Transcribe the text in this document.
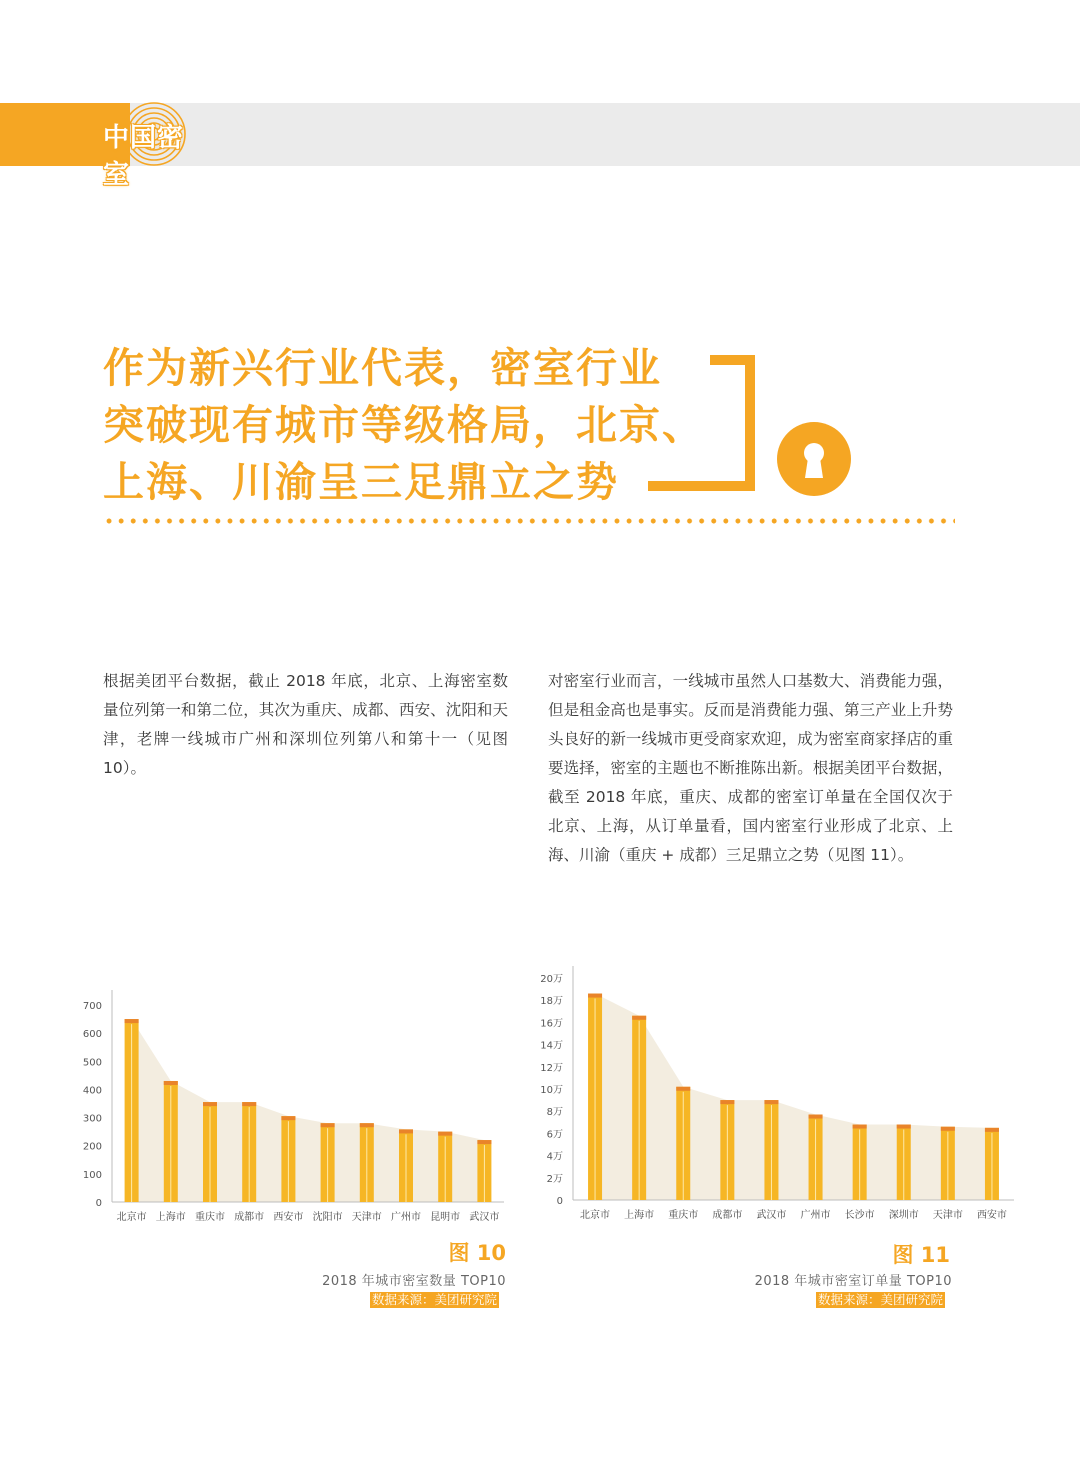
中国密室
作为新兴行业代表，密室行业
突破现有城市等级格局，北京、
上海、川渝呈三足鼎立之势

根据美团平台数据，截止 2018 年底，北京、上海密室数量位列第一和第二位，其次为重庆、成都、西安、沈阳和天津，老牌一线城市广州和深圳位列第八和第十一（见图 10）。

对密室行业而言，一线城市虽然人口基数大、消费能力强，但是租金高也是事实。反而是消费能力强、第三产业上升势头良好的新一线城市更受商家欢迎，成为密室商家择店的重要选择，密室的主题也不断推陈出新。根据美团平台数据，截至 2018 年底，重庆、成都的密室订单量在全国仅次于北京、上海，从订单量看，国内密室行业形成了北京、上海、川渝（重庆 + 成都）三足鼎立之势（见图 11）。

0
100
200
300
400
500
600
700
北京市 上海市 重庆市 成都市 西安市 沈阳市 天津市 广州市 昆明市 武汉市
0
2万
4万
6万
8万
10万
12万
14万
16万
18万
20万
北京市 上海市 重庆市 成都市 武汉市 广州市 长沙市 深圳市 天津市 西安市

图 10

2018 年城市密室数量 TOP10

数据来源：美团研究院

图 11

2018 年城市密室订单量 TOP10

数据来源：美团研究院
